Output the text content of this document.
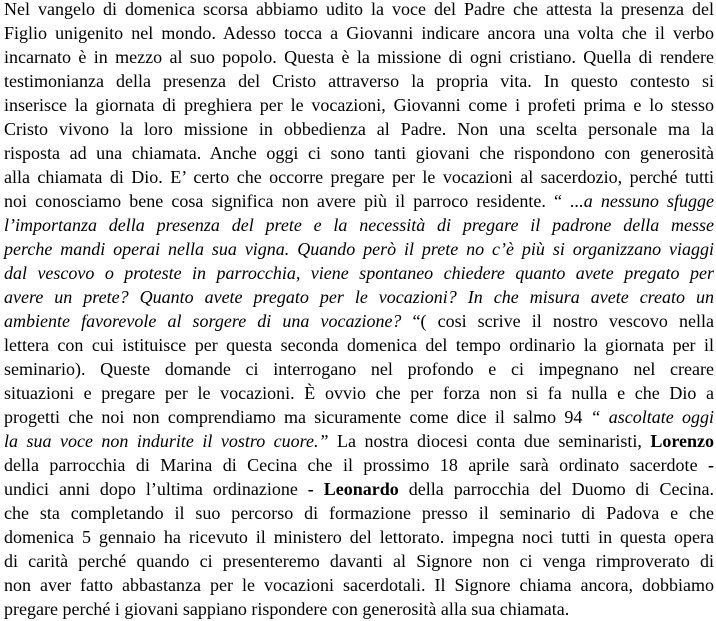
Nel vangelo di domenica scorsa abbiamo udito la voce del Padre che attesta la presenza del
Figlio unigenito nel mondo. Adesso tocca a Giovanni indicare ancora una volta che il verbo
incarnato è in mezzo al suo popolo. Questa è la missione di ogni cristiano. Quella di rendere
testimonianza della presenza del Cristo attraverso la propria vita. In questo contesto si
inserisce la giornata di preghiera per le vocazioni, Giovanni come i profeti prima e lo stesso
Cristo vivono la loro missione in obbedienza al Padre. Non una scelta personale ma la
risposta ad una chiamata. Anche oggi ci sono tanti giovani che rispondono con generosità
alla chiamata di Dio. E’ certo che occorre pregare per le vocazioni al sacerdozio, perché tutti
noi conosciamo bene cosa significa non avere più il parroco residente. “ ...a nessuno sfugge
l’importanza della presenza del prete e la necessità di pregare il padrone della messe
perche mandi operai nella sua vigna. Quando però il prete no c’è più si organizzano viaggi
dal vescovo o proteste in parrocchia, viene spontaneo chiedere quanto avete pregato per
avere un prete? Quanto avete pregato per le vocazioni? In che misura avete creato un
ambiente favorevole al sorgere di una vocazione? “( cosi scrive il nostro vescovo nella
lettera con cui istituisce per questa seconda domenica del tempo ordinario la giornata per il
seminario). Queste domande ci interrogano nel profondo e ci impegnano nel creare
situazioni e pregare per le vocazioni. È ovvio che per forza non si fa nulla e che Dio a
progetti che noi non comprendiamo ma sicuramente come dice il salmo 94 “ ascoltate oggi
la sua voce non indurite il vostro cuore.” La nostra diocesi conta due seminaristi, Lorenzo
della parrocchia di Marina di Cecina che il prossimo 18 aprile sarà ordinato sacerdote -
undici anni dopo l’ultima ordinazione - Leonardo della parrocchia del Duomo di Cecina.
che sta completando il suo percorso di formazione presso il seminario di Padova e che
domenica 5 gennaio ha ricevuto il ministero del lettorato. impegna noci tutti in questa opera
di carità perché quando ci presenteremo davanti al Signore non ci venga rimproverato di
non aver fatto abbastanza per le vocazioni sacerdotali. Il Signore chiama ancora, dobbiamo
pregare perché i giovani sappiano rispondere con generosità alla sua chiamata.
